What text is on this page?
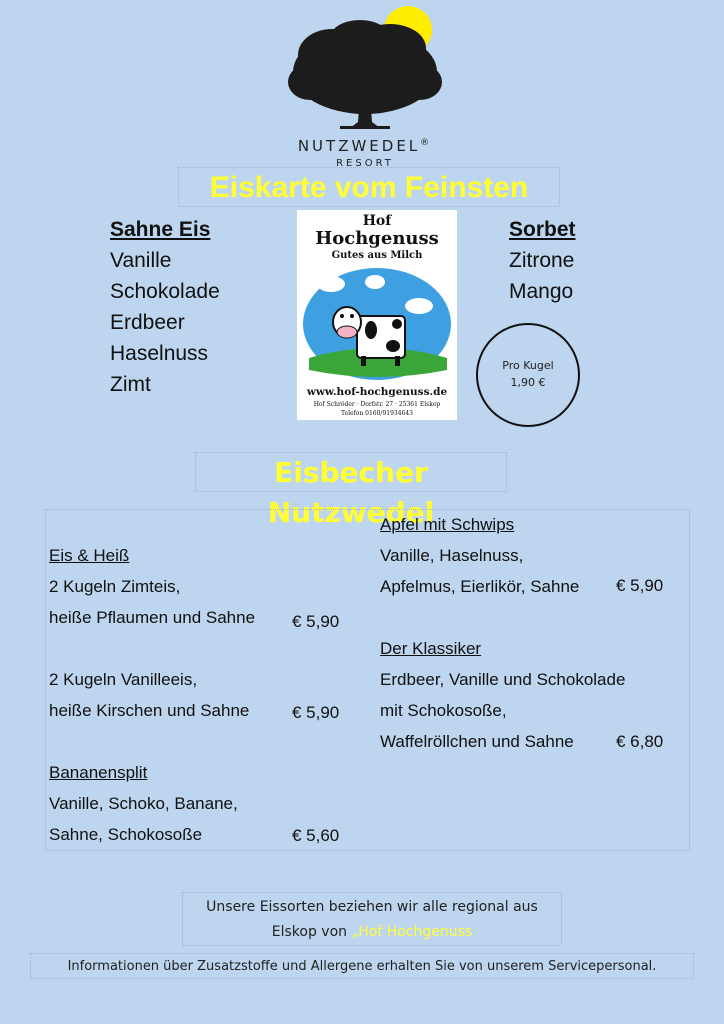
NUTZWEDEL®
RESORT
Eiskarte vom Feinsten
Sahne Eis
Vanille
Schokolade
Erdbeer
Haselnuss
Zimt
Sorbet
Zitrone
Mango
Hof
Hochgenuss
Gutes aus Milch
www.hof-hochgenuss.de
Hof Schröder · Dorfstr. 27 · 25361 Elskop
Telefon 0160/91934643
Pro Kugel
1,90 €
Eisbecher Nutzwedel
Eis & Heiß
2 Kugeln Zimteis,
heiße Pflaumen und Sahne
2 Kugeln Vanilleeis,
heiße Kirschen und Sahne
Bananensplit
Vanille, Schoko, Banane,
Sahne, Schokosoße
€ 5,90
€ 5,90
€ 5,60
Apfel mit Schwips
Vanille, Haselnuss,
Apfelmus, Eierlikör, Sahne
Der Klassiker
Erdbeer, Vanille und Schokolade
mit Schokosoße,
Waffelröllchen und Sahne
€ 5,90
€ 6,80
Unsere Eissorten beziehen wir alle regional aus
Elskop von „Hof Hochgenuss
Informationen über Zusatzstoffe und Allergene erhalten Sie von unserem Servicepersonal.
